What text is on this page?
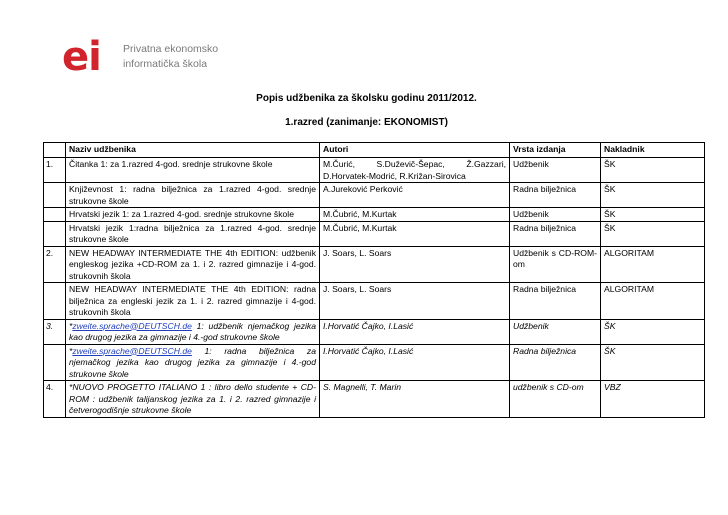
ei Privatna ekonomsko
informatička škola
Popis udžbenika za školsku godinu 2011/2012.
1.razred (zanimanje: EKONOMIST)
	Naziv udžbenika	Autori	Vrsta izdanja	Nakladnik
1.	Čitanka 1: za 1.razred 4-god. srednje strukovne škole	M.Čurić, S.Duževič-Šepac, Ž.Gazzari, D.Horvatek-Modrić, R.Križan-Sirovica	Udžbenik	ŠK
	Književnost 1: radna bilježnica za 1.razred 4-god. srednje strukovne škole	A.Jureković Perković	Radna bilježnica	ŠK
	Hrvatski jezik 1: za 1.razred 4-god. srednje strukovne škole	M.Čubrić, M.Kurtak	Udžbenik	ŠK
	Hrvatski jezik 1:radna bilježnica za 1.razred 4-god. srednje strukovne škole	M.Čubrić, M.Kurtak	Radna bilježnica	ŠK
2.	NEW HEADWAY INTERMEDIATE THE 4th EDITION: udžbenik engleskog jezika +CD-ROM za 1. i 2. razred gimnazije i 4-god. strukovnih škola	J. Soars, L. Soars	Udžbenik s CD-ROM-om	ALGORITAM
	NEW HEADWAY INTERMEDIATE THE 4th EDITION: radna bilježnica za engleski jezik za 1. i 2. razred gimnazije i 4-god. strukovnih škola	J. Soars, L. Soars	Radna bilježnica	ALGORITAM
3.	*zweite.sprache@DEUTSCH.de 1: udžbenik njemačkog jezika kao drugog jezika za gimnazije i 4.-god strukovne škole	I.Horvatić Čajko, I.Lasić	Udžbenik	ŠK
	*zweite.sprache@DEUTSCH.de 1: radna bilježnica za njemačkog jezika kao drugog jezika za gimnazije i 4.-god strukovne škole	I.Horvatić Čajko, I.Lasić	Radna bilježnica	ŠK
4.	*NUOVO PROGETTO ITALIANO 1 : libro dello studente + CD-ROM : udžbenik talijanskog jezika za 1. i 2. razred gimnazije i četverogodišnje strukovne škole	S. Magnelli, T. Marin	udžbenik s CD-om	VBZ
